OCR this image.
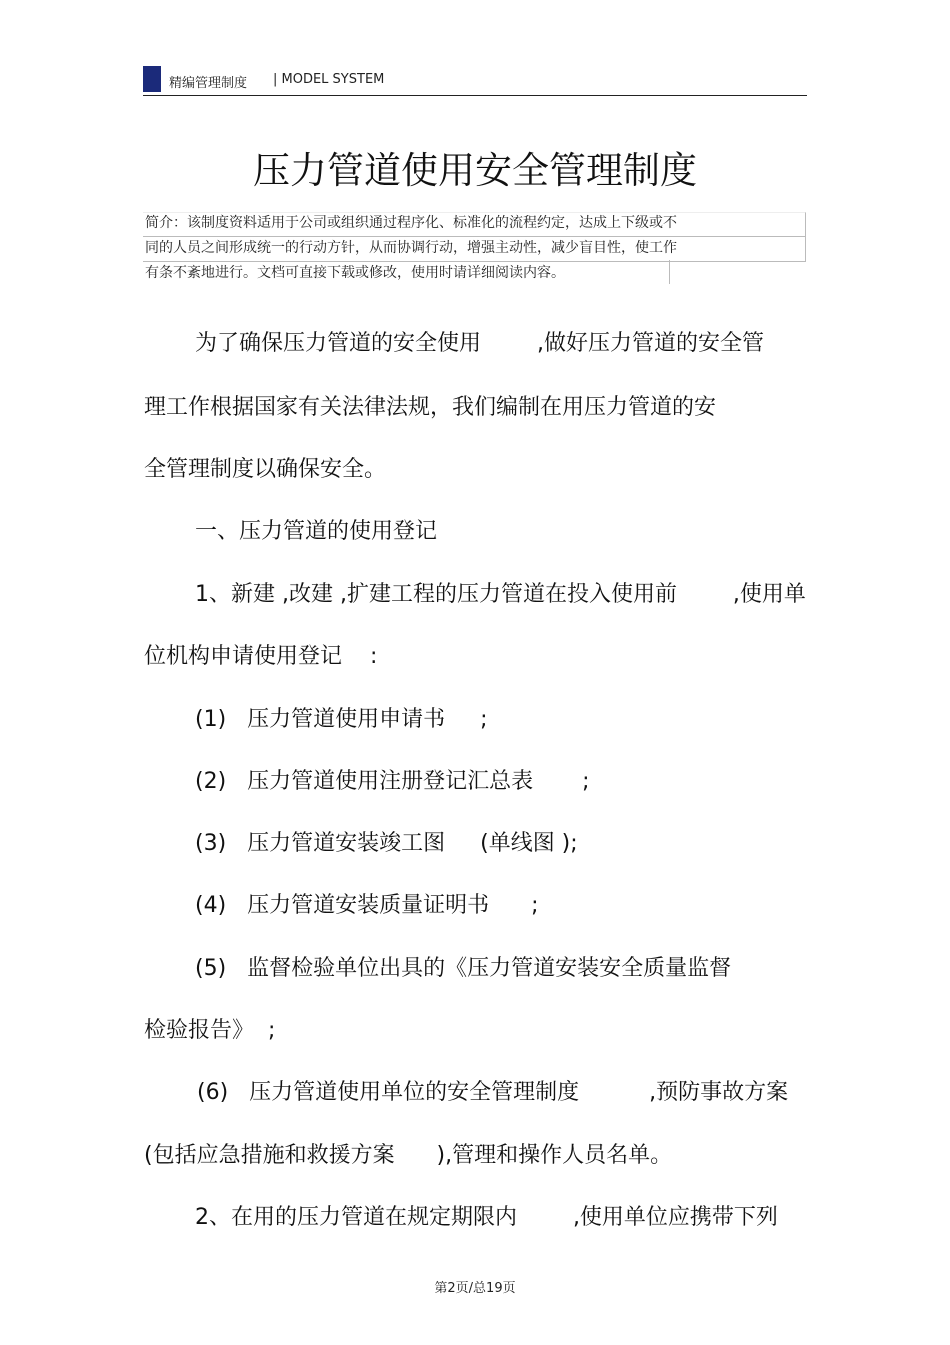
精编管理制度 | MODEL SYSTEM
压力管道使用安全管理制度
简介：该制度资料适用于公司或组织通过程序化、标准化的流程约定，达成上下级或不
同的人员之间形成统一的行动方针，从而协调行动，增强主动性，减少盲目性，使工作
有条不紊地进行。文档可直接下载或修改，使用时请详细阅读内容。
为了确保压力管道的安全使用        ,做好压力管道的安全管
理工作根据国家有关法律法规，我们编制在用压力管道的安
全管理制度以确保安全。
一、压力管道的使用登记
1、新建 ,改建 ,扩建工程的压力管道在投入使用前        ,使用单
位机构申请使用登记    :
(1)   压力管道使用申请书     ;
(2)   压力管道使用注册登记汇总表       ;
(3)   压力管道安装竣工图     (单线图 );
(4)   压力管道安装质量证明书      ;
(5)   监督检验单位出具的《压力管道安装安全质量监督
检验报告》  ;
(6)   压力管道使用单位的安全管理制度          ,预防事故方案
(包括应急措施和救援方案      ),管理和操作人员名单。
2、在用的压力管道在规定期限内        ,使用单位应携带下列
第2页/总19页
